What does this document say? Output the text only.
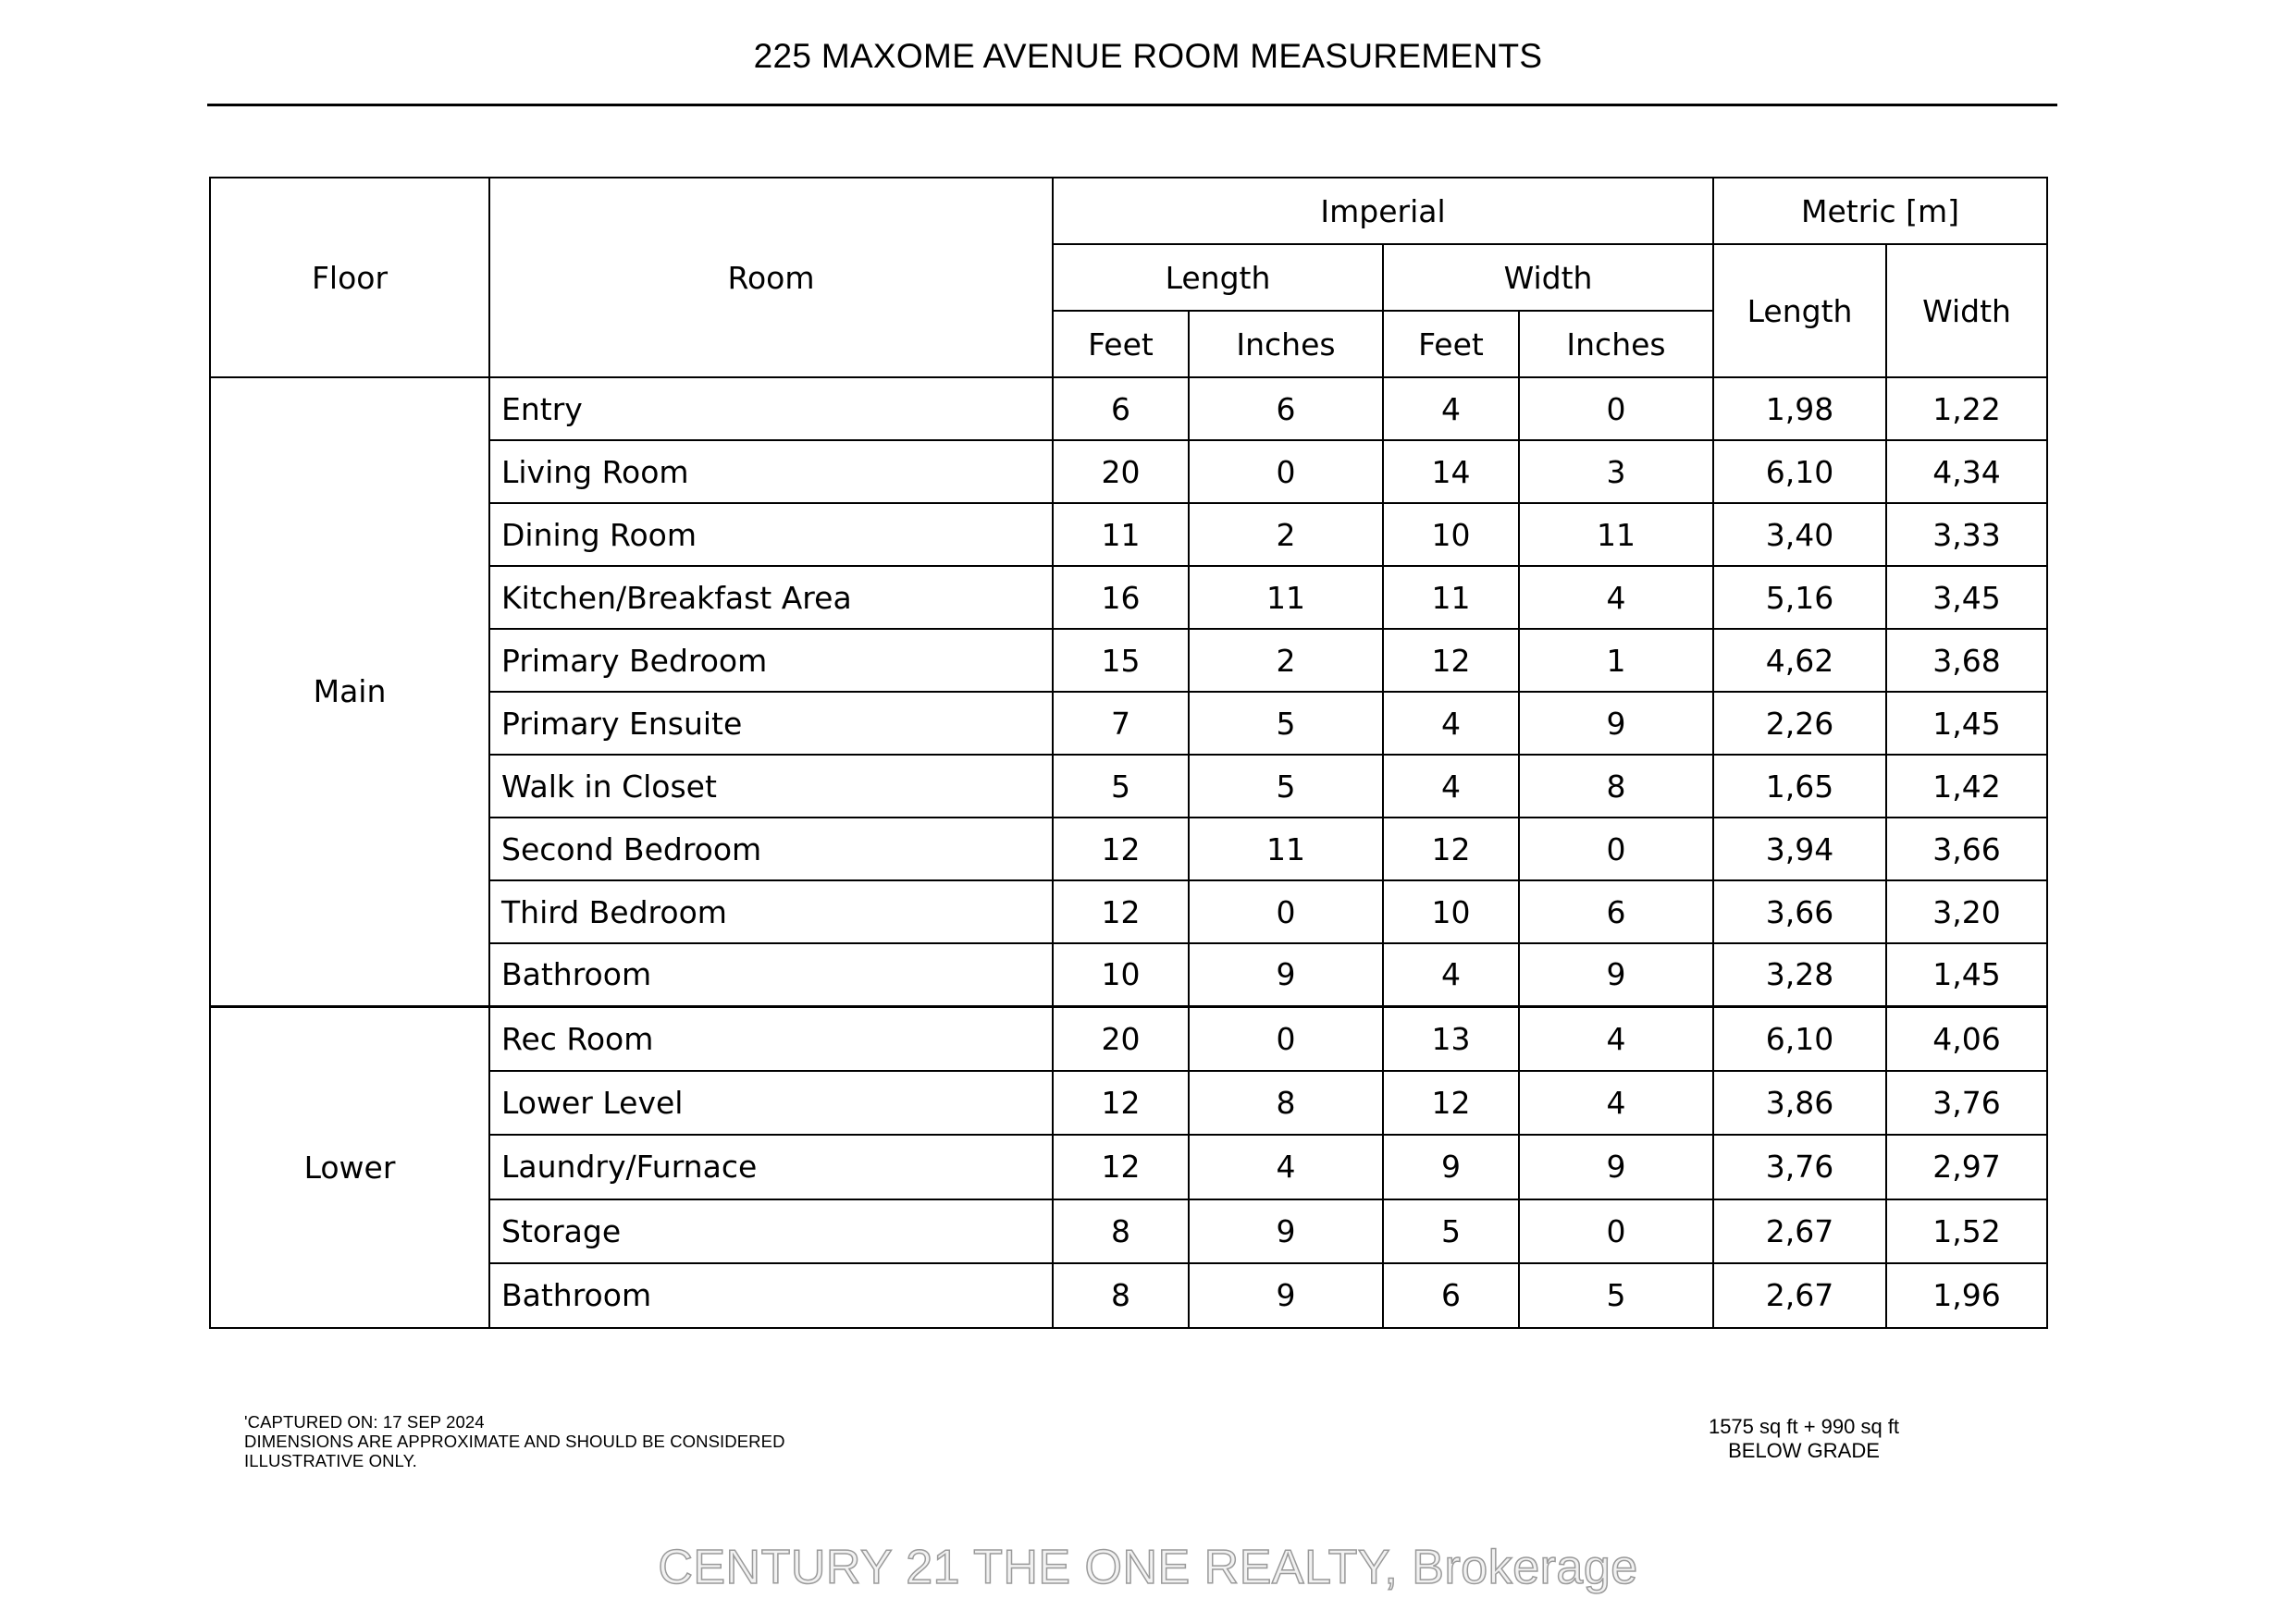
225 MAXOME AVENUE ROOM MEASUREMENTS
Floor	Room	Imperial				Metric [m]	
		Length		Width		Length	Width
		Feet	Inches	Feet	Inches		
Main	Entry	6	6	4	0	1,98	1,22
	Living Room	20	0	14	3	6,10	4,34
	Dining Room	11	2	10	11	3,40	3,33
	Kitchen/Breakfast Area	16	11	11	4	5,16	3,45
	Primary Bedroom	15	2	12	1	4,62	3,68
	Primary Ensuite	7	5	4	9	2,26	1,45
	Walk in Closet	5	5	4	8	1,65	1,42
	Second Bedroom	12	11	12	0	3,94	3,66
	Third Bedroom	12	0	10	6	3,66	3,20
	Bathroom	10	9	4	9	3,28	1,45
Lower	Rec Room	20	0	13	4	6,10	4,06
	Lower Level	12	8	12	4	3,86	3,76
	Laundry/Furnace	12	4	9	9	3,76	2,97
	Storage	8	9	5	0	2,67	1,52
	Bathroom	8	9	6	5	2,67	1,96
'CAPTURED ON: 17 SEP 2024
DIMENSIONS ARE APPROXIMATE AND SHOULD BE CONSIDERED
ILLUSTRATIVE ONLY.
1575 sq ft + 990 sq ft
BELOW GRADE
CENTURY 21 THE ONE REALTY, Brokerage
